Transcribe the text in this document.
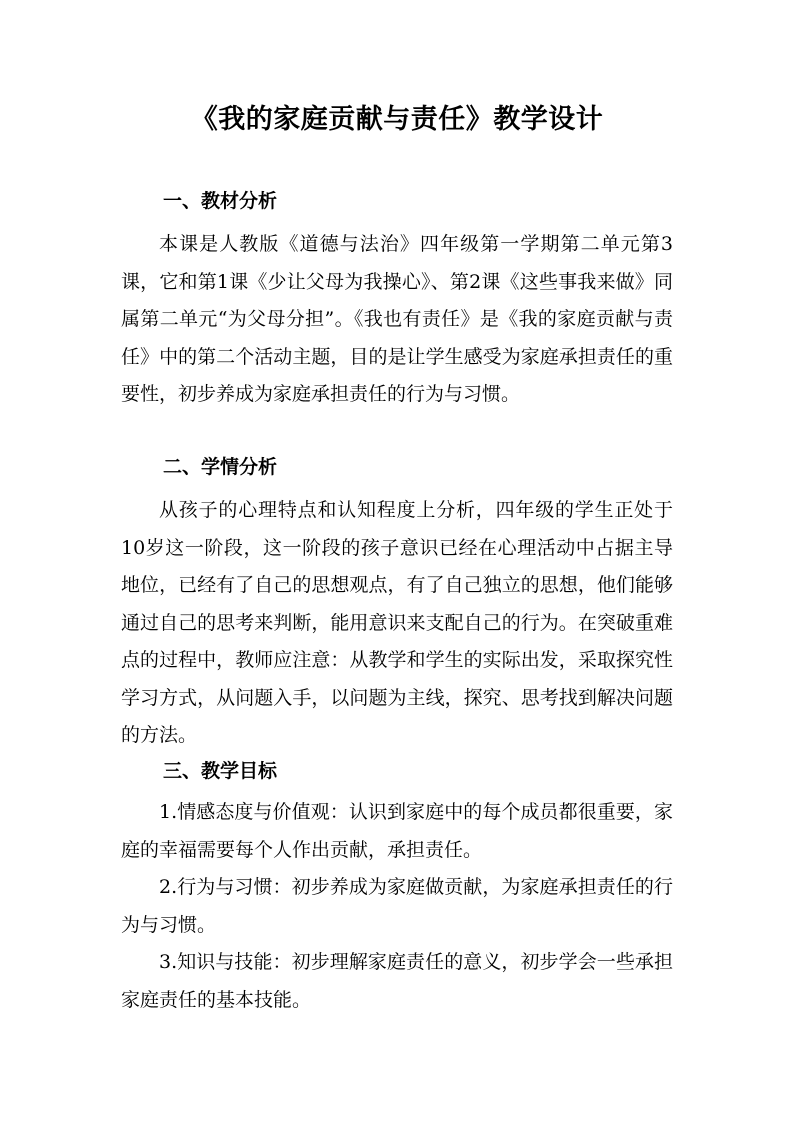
《我的家庭贡献与责任》教学设计
一、教材分析

本课是人教版《道德与法治》四年级第一学期第二单元第3课，它和第1课《少让父母为我操心》、第2课《这些事我来做》同属第二单元“为父母分担”。《我也有责任》是《我的家庭贡献与责任》中的第二个活动主题，目的是让学生感受为家庭承担责任的重要性，初步养成为家庭承担责任的行为与习惯。

二、学情分析

从孩子的心理特点和认知程度上分析，四年级的学生正处于10岁这一阶段，这一阶段的孩子意识已经在心理活动中占据主导地位，已经有了自己的思想观点，有了自己独立的思想，他们能够通过自己的思考来判断，能用意识来支配自己的行为。在突破重难点的过程中，教师应注意：从教学和学生的实际出发，采取探究性学习方式，从问题入手，以问题为主线，探究、思考找到解决问题的方法。

三、教学目标

1.情感态度与价值观：认识到家庭中的每个成员都很重要，家庭的幸福需要每个人作出贡献，承担责任。

2.行为与习惯：初步养成为家庭做贡献，为家庭承担责任的行为与习惯。

3.知识与技能：初步理解家庭责任的意义，初步学会一些承担家庭责任的基本技能。
